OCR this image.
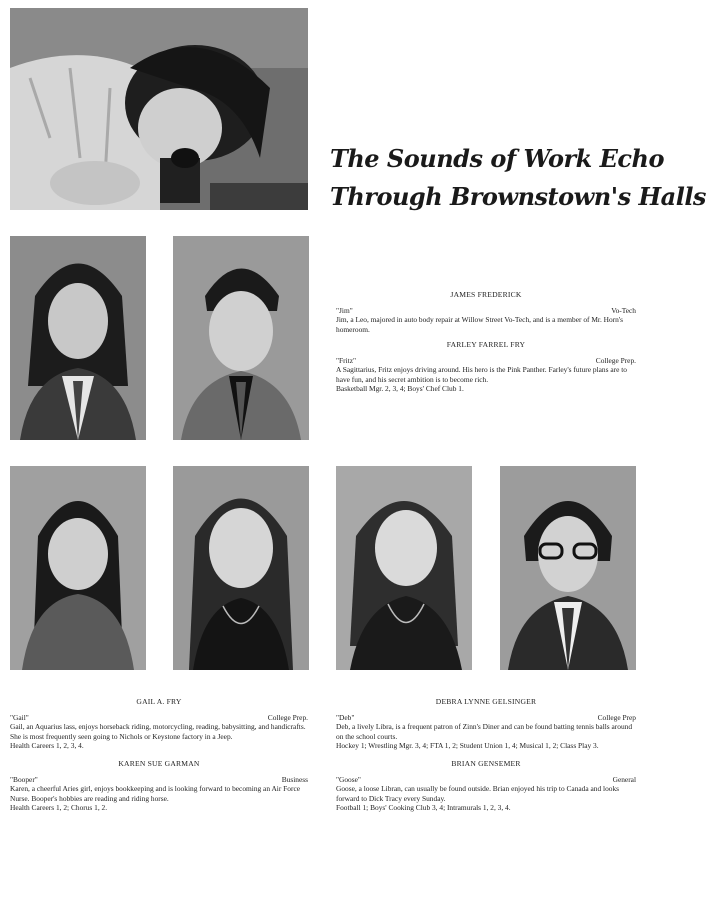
The Sounds of Work Echo
Through Brownstown's Halls
JAMES FREDERICK
"Jim"	Vo-Tech

Jim, a Leo, majored in auto body repair at Willow Street Vo-Tech, and is a member of Mr. Horn's homeroom.

FARLEY FARREL FRY
"Fritz"	College Prep.

A Sagittarius, Fritz enjoys driving around. His hero is the Pink Panther. Farley's future plans are to have fun, and his secret ambition is to become rich.

Basketball Mgr. 2, 3, 4; Boys' Chef Club 1.

GAIL A. FRY
"Gail"	College Prep.

Gail, an Aquarius lass, enjoys horseback riding, motorcycling, reading, babysitting, and handicrafts. She is most frequently seen going to Nichols or Keystone factory in a Jeep.

Health Careers 1, 2, 3, 4.

KAREN SUE GARMAN
"Booper"	Business

Karen, a cheerful Aries girl, enjoys bookkeeping and is looking forward to becoming an Air Force Nurse. Booper's hobbies are reading and riding horse.

Health Careers 1, 2; Chorus 1, 2.

DEBRA LYNNE GELSINGER
"Deb"	College Prep

Deb, a lively Libra, is a frequent patron of Zinn's Diner and can be found batting tennis balls around on the school courts.

Hockey 1; Wrestling Mgr. 3, 4; FTA 1, 2; Student Union 1, 4; Musical 1, 2; Class Play 3.

BRIAN GENSEMER
"Goose"	General

Goose, a loose Libran, can usually be found outside. Brian enjoyed his trip to Canada and looks forward to Dick Tracy every Sunday.

Football 1; Boys' Cooking Club 3, 4; Intramurals 1, 2, 3, 4.
